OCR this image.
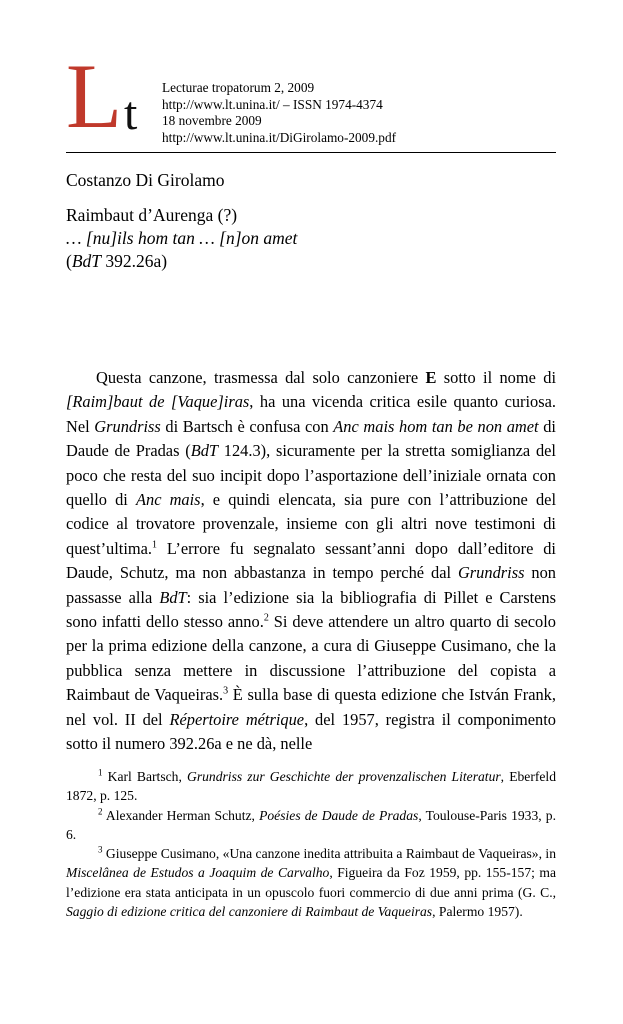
L t Lecturae tropatorum 2, 2009
http://www.lt.unina.it/ – ISSN 1974-4374
18 novembre 2009
http://www.lt.unina.it/DiGirolamo-2009.pdf
Costanzo Di Girolamo
Raimbaut d’Aurenga (?)
… [nu]ils hom tan … [n]on amet
(BdT 392.26a)

Questa canzone, trasmessa dal solo canzoniere E sotto il nome di [Raim]baut de [Vaque]iras, ha una vicenda critica esile quanto curiosa. Nel Grundriss di Bartsch è confusa con Anc mais hom tan be non amet di Daude de Pradas (BdT 124.3), sicuramente per la stretta somiglianza del poco che resta del suo incipit dopo l’asportazione dell’iniziale ornata con quello di Anc mais, e quindi elencata, sia pure con l’attribuzione del codice al trovatore provenzale, insieme con gli altri nove testimoni di quest’ultima.$^1$ L’errore fu segnalato sessant’anni dopo dall’editore di Daude, Schutz, ma non abbastanza in tempo perché dal Grundriss non passasse alla BdT: sia l’edizione sia la bibliografia di Pillet e Carstens sono infatti dello stesso anno.$^2$ Si deve attendere un altro quarto di secolo per la prima edizione della canzone, a cura di Giuseppe Cusimano, che la pubblica senza mettere in discussione l’attribuzione del copista a Raimbaut de Vaqueiras.$^3$ È sulla base di questa edizione che István Frank, nel vol. II del Répertoire métrique, del 1957, registra il componimento sotto il numero 392.26a e ne dà, nelle

$^1$ Karl Bartsch, Grundriss zur Geschichte der provenzalischen Literatur, Eberfeld 1872, p. 125.

$^2$ Alexander Herman Schutz, Poésies de Daude de Pradas, Toulouse-Paris 1933, p. 6.

$^3$ Giuseppe Cusimano, «Una canzone inedita attribuita a Raimbaut de Vaqueiras», in Miscelânea de Estudos a Joaquim de Carvalho, Figueira da Foz 1959, pp. 155-157; ma l’edizione era stata anticipata in un opuscolo fuori commercio di due anni prima (G. C., Saggio di edizione critica del canzoniere di Raimbaut de Vaqueiras, Palermo 1957).
